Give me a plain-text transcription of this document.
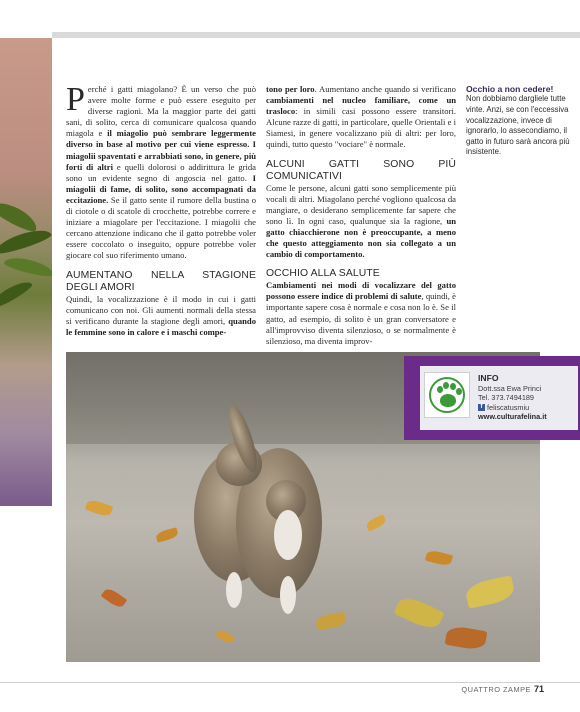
Perché i gatti miagolano? È un verso che può avere molte forme e può essere eseguito per diverse ragioni. Ma la maggior parte dei gatti sani, di solito, cerca di comunicare qualcosa quando miagola e il miagolio può sembrare leggermente diverso in base al motivo per cui viene espresso. I miagolii spaventati e arrabbiati sono, in genere, più forti di altri e quelli dolorosi o addirittura le grida sono un evidente segno di angoscia nel gatto. I miagolii di fame, di solito, sono accompagnati da eccitazione. Se il gatto sente il rumore della bustina o di ciotole o di scatole di crocchette, potrebbe correre e iniziare a miagolare per l'eccitazione. I miagolii che cercano attenzione indicano che il gatto potrebbe voler essere coccolato o inseguito, oppure potrebbe voler giocare col suo riferimento umano.

AUMENTANO NELLA STAGIONE DEGLI AMORI

Quindi, la vocalizzazione è il modo in cui i gatti comunicano con noi. Gli aumenti normali della stessa si verificano durante la stagione degli amori, quando le femmine sono in calore e i maschi compe-

tono per loro. Aumentano anche quando si verificano cambiamenti nel nucleo familiare, come un trasloco: in simili casi possono essere transitori. Alcune razze di gatti, in particolare, quelle Orientali e i Siamesi, in genere vocalizzano più di altri: per loro, quindi, tutto questo "vociare" è normale.

ALCUNI GATTI SONO PIÙ COMUNICATIVI

Come le persone, alcuni gatti sono semplicemente più vocali di altri. Miagolano perché vogliono qualcosa da mangiare, o desiderano semplicemente far sapere che sono lì. In ogni caso, qualunque sia la ragione, un gatto chiacchierone non è preoccupante, a meno che questo atteggiamento non sia collegato a un cambio di comportamento.

OCCHIO ALLA SALUTE

Cambiamenti nei modi di vocalizzare del gatto possono essere indice di problemi di salute, quindi, è importante sapere cosa è normale e cosa non lo è. Se il gatto, ad esempio, di solito è un gran conversatore e all'improvviso diventa silenzioso, o se normalmente è silenzioso, ma diventa improv-

Occhio a non cedere!

Non dobbiamo dargliele tutte vinte. Anzi, se con l'eccessiva vocalizzazione, invece di ignorarlo, lo assecondiamo, il gatto in futuro sarà ancora più insistente.

INFO
Dott.ssa Ewa Princi
Tel. 373.7494189
f feliscatusmiu
www.culturafelina.it
QUATTRO ZAMPE 71
